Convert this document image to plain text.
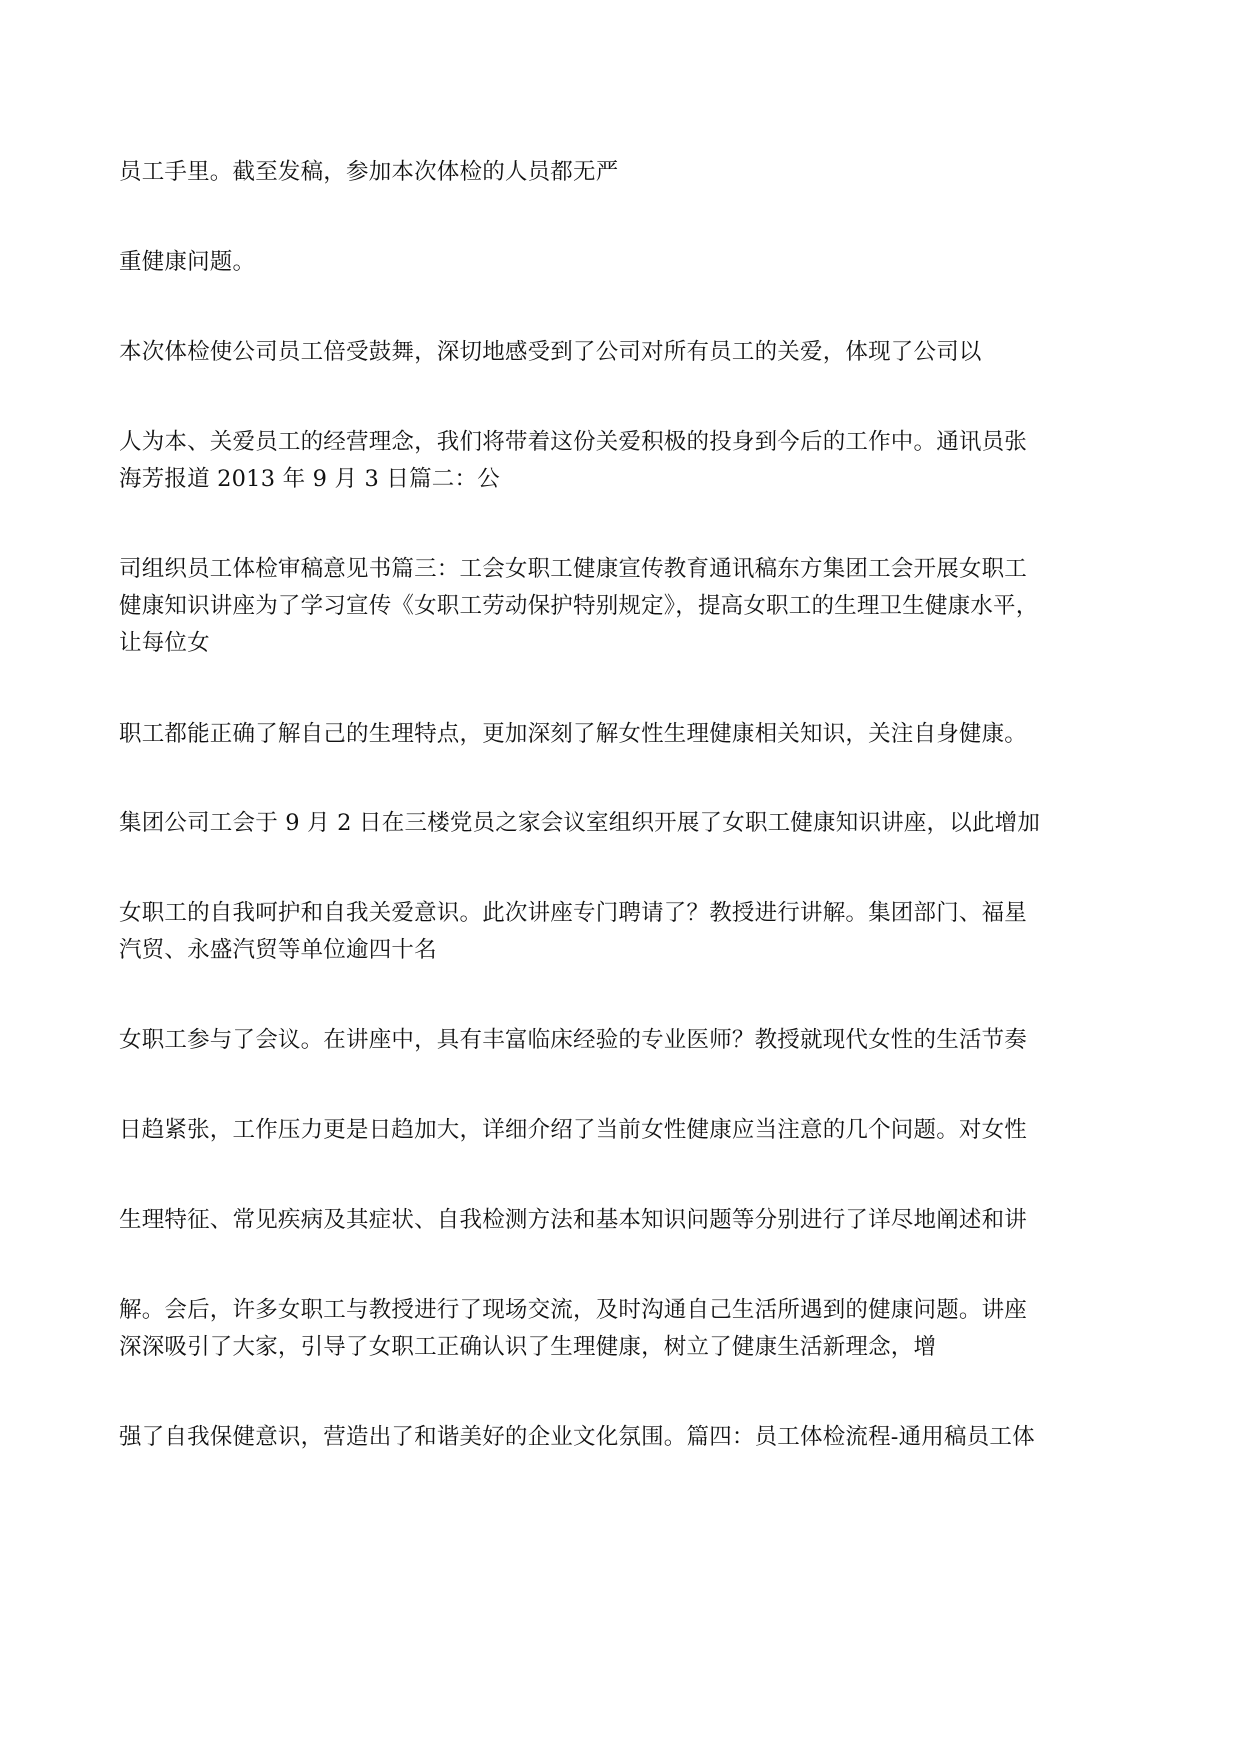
员工手里。截至发稿，参加本次体检的人员都无严
重健康问题。
本次体检使公司员工倍受鼓舞，深切地感受到了公司对所有员工的关爱，体现了公司以
人为本、关爱员工的经营理念，我们将带着这份关爱积极的投身到今后的工作中。通讯员张
海芳报道 2013 年 9 月 3 日篇二：公
司组织员工体检审稿意见书篇三：工会女职工健康宣传教育通讯稿东方集团工会开展女职工
健康知识讲座为了学习宣传《女职工劳动保护特别规定》，提高女职工的生理卫生健康水平，
让每位女
职工都能正确了解自己的生理特点，更加深刻了解女性生理健康相关知识，关注自身健康。
集团公司工会于 9 月 2 日在三楼党员之家会议室组织开展了女职工健康知识讲座，以此增加
女职工的自我呵护和自我关爱意识。此次讲座专门聘请了？教授进行讲解。集团部门、福星
汽贸、永盛汽贸等单位逾四十名
女职工参与了会议。在讲座中，具有丰富临床经验的专业医师？教授就现代女性的生活节奏
日趋紧张，工作压力更是日趋加大，详细介绍了当前女性健康应当注意的几个问题。对女性
生理特征、常见疾病及其症状、自我检测方法和基本知识问题等分别进行了详尽地阐述和讲
解。会后，许多女职工与教授进行了现场交流，及时沟通自己生活所遇到的健康问题。讲座
深深吸引了大家，引导了女职工正确认识了生理健康，树立了健康生活新理念，增
强了自我保健意识，营造出了和谐美好的企业文化氛围。篇四：员工体检流程-通用稿员工体
